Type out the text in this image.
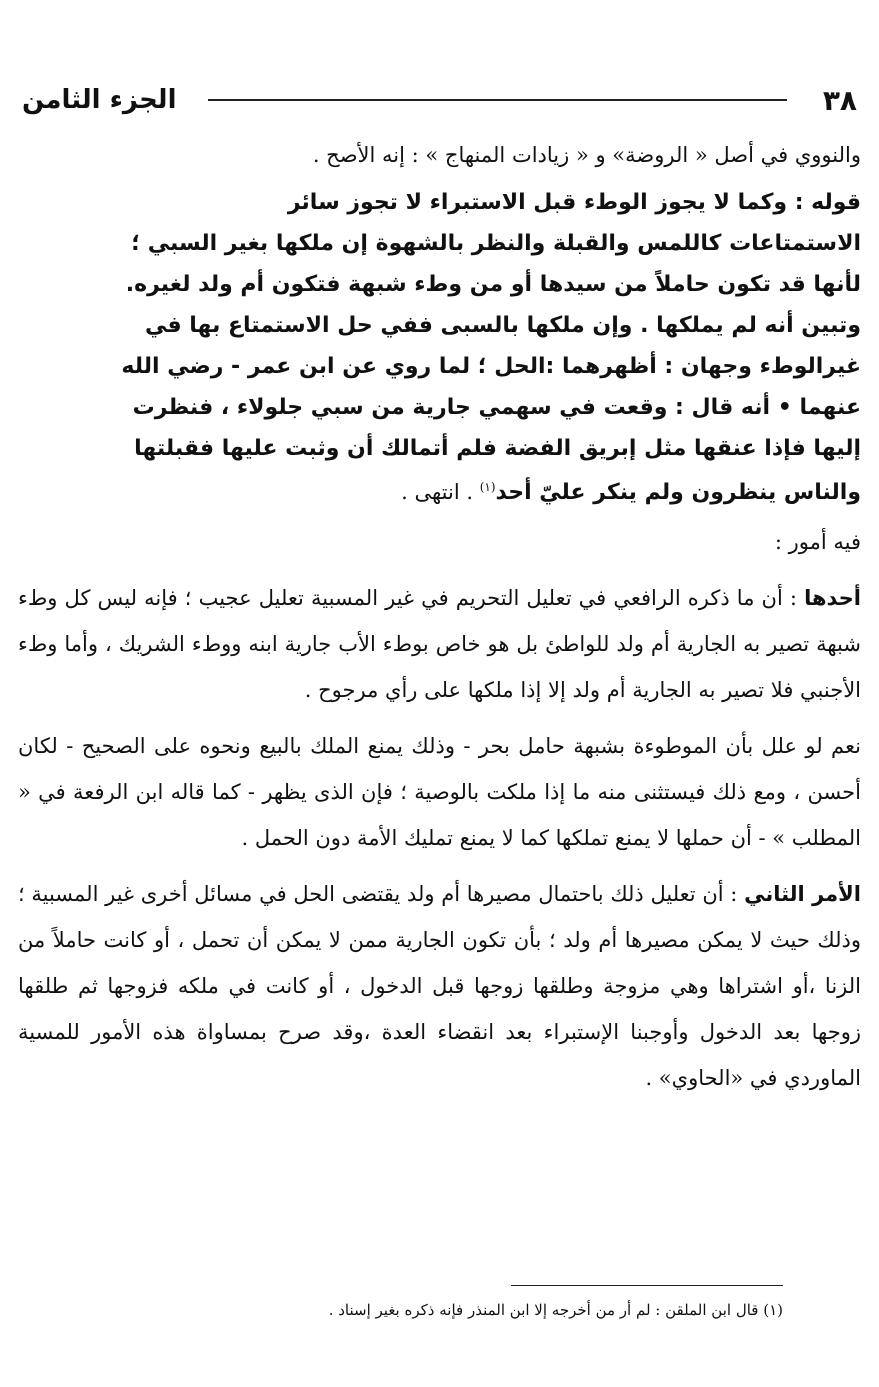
٣٨
الجزء الثامن

والنووي في أصل « الروضة» و « زيادات المنهاج » : إنه الأصح .

قوله : وكما لا يجوز الوطء قبل الاستبراء لا تجوز سائر

الاستمتاعات كاللمس والقبلة والنظر بالشهوة إن ملكها بغير السبي ؛

لأنها قد تكون حاملاً من سيدها أو من وطء شبهة فتكون أم ولد لغيره.

وتبين أنه لم يملكها . وإن ملكها بالسبى ففي حل الاستمتاع بها في

غيرالوطء وجهان : أظهرهما :الحل ؛ لما روي عن ابن عمر - رضي الله

عنهما • أنه قال : وقعت في سهمي جارية من سبي جلولاء ، فنظرت

إليها فإذا عنقها مثل إبريق الفضة فلم أتمالك أن وثبت عليها فقبلتها

والناس ينظرون ولم ينكر عليّ أحد$^{(١)}$ . انتهى .

فيه أمور :

أحدها : أن ما ذكره الرافعي في تعليل التحريم في غير المسبية تعليل عجيب ؛ فإنه ليس كل وطء شبهة تصير به الجارية أم ولد للواطئ بل هو خاص بوطء الأب جارية ابنه ووطء الشريك ، وأما وطء الأجنبي فلا تصير به الجارية أم ولد إلا إذا ملكها على رأي مرجوح .

نعم لو علل بأن الموطوءة بشبهة حامل بحر - وذلك يمنع الملك بالبيع ونحوه على الصحيح - لكان أحسن ، ومع ذلك فيستثنى منه ما إذا ملكت بالوصية ؛ فإن الذى يظهر - كما قاله ابن الرفعة في « المطلب » - أن حملها لا يمنع تملكها كما لا يمنع تمليك الأمة دون الحمل .

الأمر الثاني : أن تعليل ذلك باحتمال مصيرها أم ولد يقتضى الحل في مسائل أخرى غير المسبية ؛ وذلك حيث لا يمكن مصيرها أم ولد ؛ بأن تكون الجارية ممن لا يمكن أن تحمل ، أو كانت حاملاً من الزنا ،أو اشتراها وهي مزوجة وطلقها زوجها قبل الدخول ، أو كانت في ملكه فزوجها ثم طلقها زوجها بعد الدخول وأوجبنا الإستبراء بعد انقضاء العدة ،وقد صرح بمساواة هذه الأمور للمسية الماوردي في «الحاوي» .

(١) قال ابن الملقن : لم أر من أخرجه إلا ابن المنذر فإنه ذكره بغير إسناد .
